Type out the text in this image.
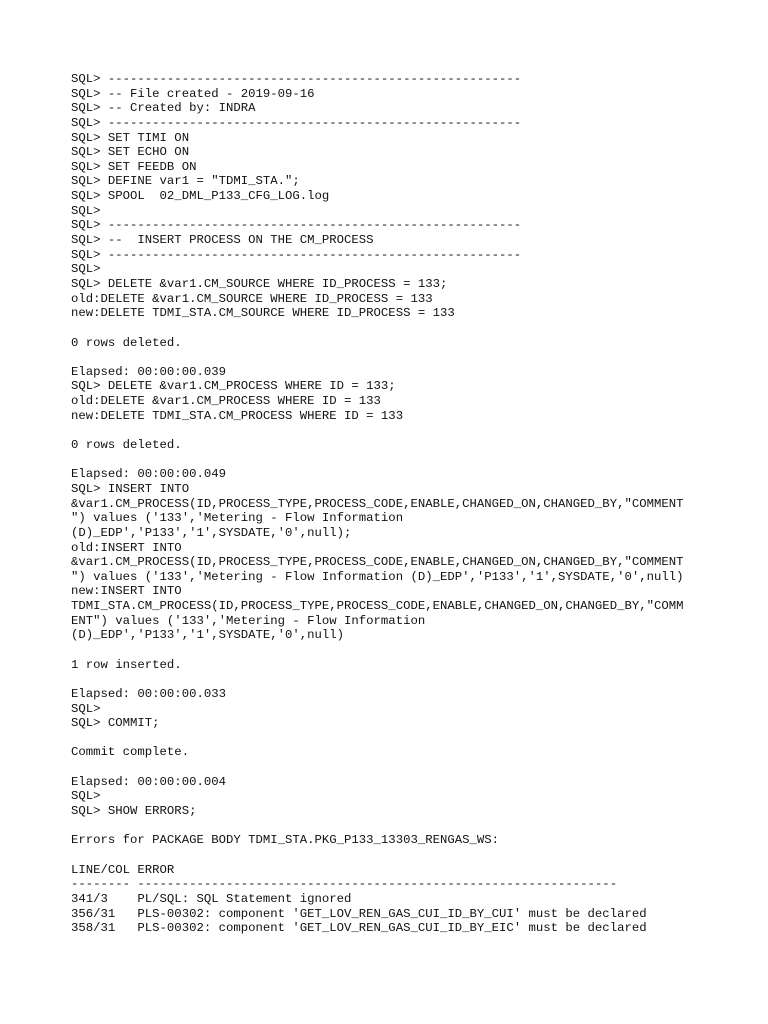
SQL> --------------------------------------------------------
SQL> -- File created - 2019-09-16
SQL> -- Created by: INDRA
SQL> --------------------------------------------------------
SQL> SET TIMI ON
SQL> SET ECHO ON
SQL> SET FEEDB ON
SQL> DEFINE var1 = "TDMI_STA.";
SQL> SPOOL  02_DML_P133_CFG_LOG.log
SQL>
SQL> --------------------------------------------------------
SQL> --  INSERT PROCESS ON THE CM_PROCESS
SQL> --------------------------------------------------------
SQL>
SQL> DELETE &var1.CM_SOURCE WHERE ID_PROCESS = 133;
old:DELETE &var1.CM_SOURCE WHERE ID_PROCESS = 133
new:DELETE TDMI_STA.CM_SOURCE WHERE ID_PROCESS = 133
0 rows deleted.
Elapsed: 00:00:00.039
SQL> DELETE &var1.CM_PROCESS WHERE ID = 133;
old:DELETE &var1.CM_PROCESS WHERE ID = 133
new:DELETE TDMI_STA.CM_PROCESS WHERE ID = 133
0 rows deleted.
Elapsed: 00:00:00.049
SQL> INSERT INTO
&var1.CM_PROCESS(ID,PROCESS_TYPE,PROCESS_CODE,ENABLE,CHANGED_ON,CHANGED_BY,"COMMENT
") values ('133','Metering - Flow Information
(D)_EDP','P133','1',SYSDATE,'0',null);
old:INSERT INTO
&var1.CM_PROCESS(ID,PROCESS_TYPE,PROCESS_CODE,ENABLE,CHANGED_ON,CHANGED_BY,"COMMENT
") values ('133','Metering - Flow Information (D)_EDP','P133','1',SYSDATE,'0',null)
new:INSERT INTO
TDMI_STA.CM_PROCESS(ID,PROCESS_TYPE,PROCESS_CODE,ENABLE,CHANGED_ON,CHANGED_BY,"COMM
ENT") values ('133','Metering - Flow Information
(D)_EDP','P133','1',SYSDATE,'0',null)
1 row inserted.
Elapsed: 00:00:00.033
SQL>
SQL> COMMIT;
Commit complete.
Elapsed: 00:00:00.004
SQL>
SQL> SHOW ERRORS;
Errors for PACKAGE BODY TDMI_STA.PKG_P133_13303_RENGAS_WS:
LINE/COL ERROR
-------- -----------------------------------------------------------------
341/3    PL/SQL: SQL Statement ignored
356/31   PLS-00302: component 'GET_LOV_REN_GAS_CUI_ID_BY_CUI' must be declared
358/31   PLS-00302: component 'GET_LOV_REN_GAS_CUI_ID_BY_EIC' must be declared
